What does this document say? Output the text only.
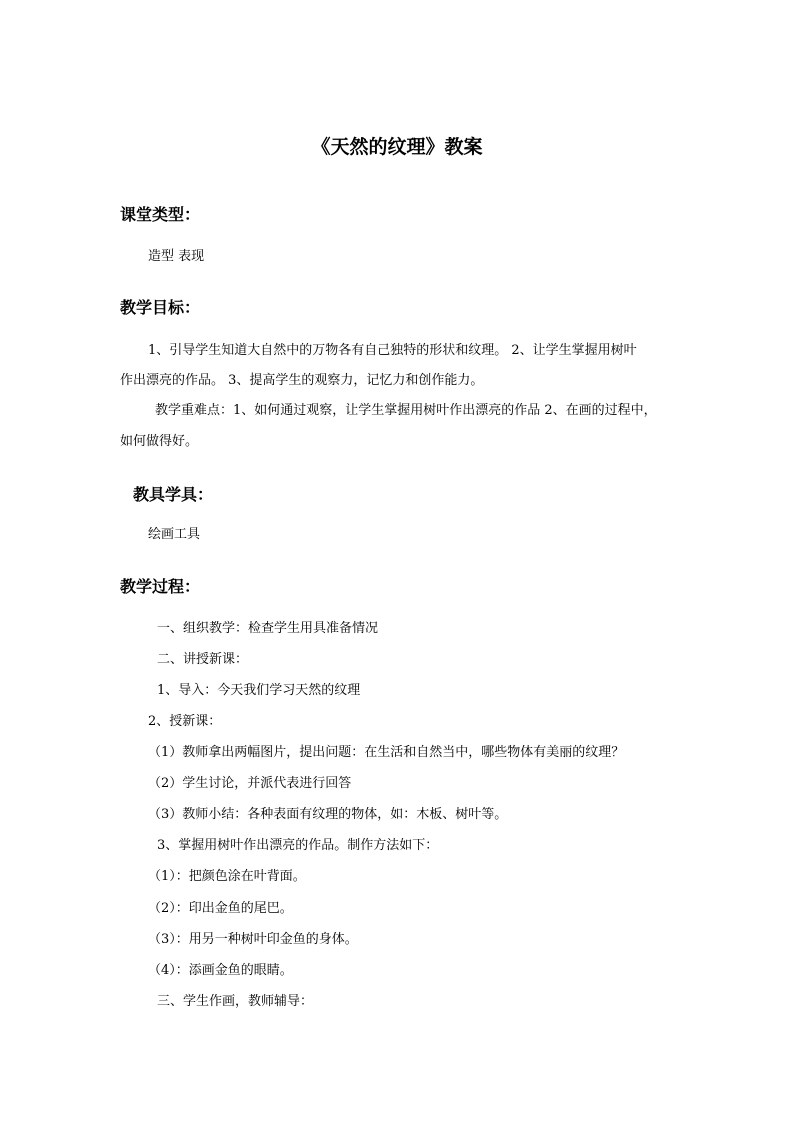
《天然的纹理》教案
课堂类型：

造型 表现

教学目标：

1、引导学生知道大自然中的万物各有自己独特的形状和纹理。 2、让学生掌握用树叶

作出漂亮的作品。 3、提高学生的观察力，记忆力和创作能力。

教学重难点：1、如何通过观察，让学生掌握用树叶作出漂亮的作品 2、在画的过程中，

如何做得好。

教具学具：

绘画工具

教学过程：

一、组织教学：检查学生用具准备情况

二、讲授新课：

1、导入：今天我们学习天然的纹理

2、授新课：

（1）教师拿出两幅图片，提出问题：在生活和自然当中，哪些物体有美丽的纹理？

（2）学生讨论，并派代表进行回答

（3）教师小结：各种表面有纹理的物体，如：木板、树叶等。

3、掌握用树叶作出漂亮的作品。制作方法如下：

（1）：把颜色涂在叶背面。

（2）：印出金鱼的尾巴。

（3）：用另一种树叶印金鱼的身体。

（4）：添画金鱼的眼睛。

三、学生作画，教师辅导：
